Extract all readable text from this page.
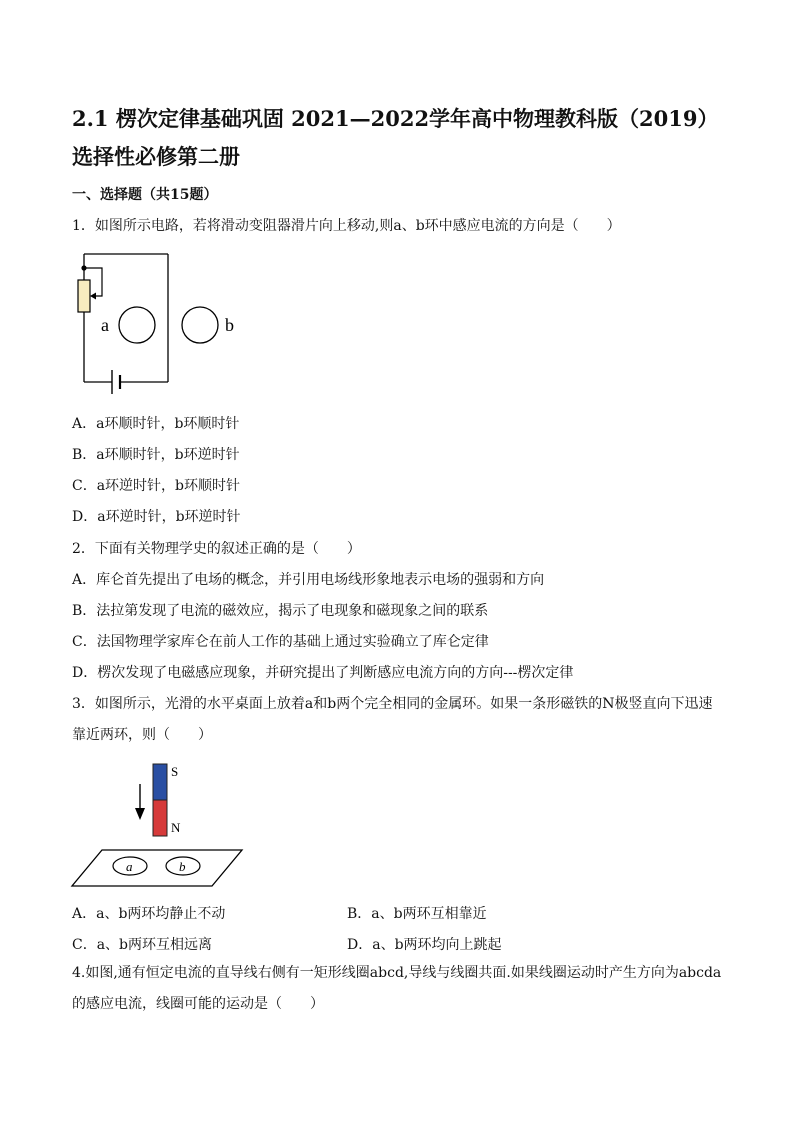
2.1 楞次定律基础巩固 2021—2022学年高中物理教科版（2019）选择性必修第二册
一、选择题（共15题）
1．如图所示电路，若将滑动变阻器滑片向上移动,则a、b环中感应电流的方向是（　　）
a	b
A．a环顺时针，b环顺时针
B．a环顺时针，b环逆时针
C．a环逆时针，b环顺时针
D．a环逆时针，b环逆时针
2．下面有关物理学史的叙述正确的是（　　）
A．库仑首先提出了电场的概念，并引用电场线形象地表示电场的强弱和方向
B．法拉第发现了电流的磁效应，揭示了电现象和磁现象之间的联系
C．法国物理学家库仑在前人工作的基础上通过实验确立了库仑定律
D．楞次发现了电磁感应现象，并研究提出了判断感应电流方向的方向---楞次定律
3．如图所示，光滑的水平桌面上放着a和b两个完全相同的金属环。如果一条形磁铁的N极竖直向下迅速靠近两环，则（　　）
S
N
a	b
A．a、b两环均静止不动	B．a、b两环互相靠近
C．a、b两环互相远离	D．a、b两环均向上跳起
4.如图,通有恒定电流的直导线右侧有一矩形线圈abcd,导线与线圈共面.如果线圈运动时产生方向为abcda的感应电流，线圈可能的运动是（　　）
